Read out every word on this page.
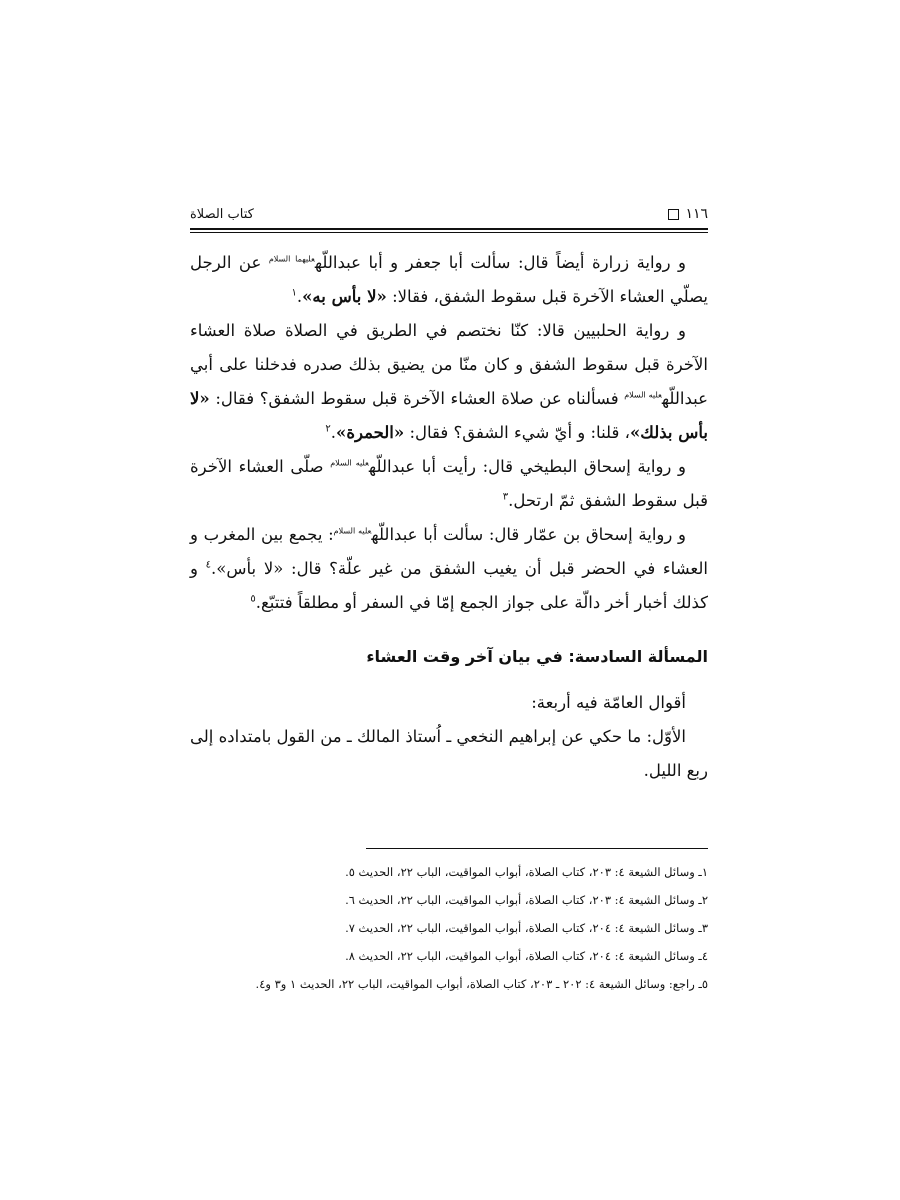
كتاب الصلاة	١١٦

و رواية زرارة أيضاً قال: سألت أبا جعفر و أبا عبداللّه$^{عليهما السلام}$ عن الرجل يصلّي العشاء الآخرة قبل سقوط الشفق، فقالا: «لا بأس به».$^١$

و رواية الحلبيين قالا: كنّا نختصم في الطريق في الصلاة صلاة العشاء الآخرة قبل سقوط الشفق و كان منّا من يضيق بذلك صدره فدخلنا على أبي عبداللّه$^{عليه السلام}$ فسألناه عن صلاة العشاء الآخرة قبل سقوط الشفق؟ فقال: «لا بأس بذلك»، قلنا: و أيّ شيء الشفق؟ فقال: «الحمرة».$^٢$

و رواية إسحاق البطيخي قال: رأيت أبا عبداللّه$^{عليه السلام}$ صلّى العشاء الآخرة قبل سقوط الشفق ثمّ ارتحل.$^٣$

و رواية إسحاق بن عمّار قال: سألت أبا عبداللّه$^{عليه السلام}$: يجمع بين المغرب و العشاء في الحضر قبل أن يغيب الشفق من غير علّة؟ قال: «لا بأس».$^٤$ و كذلك أخبار أخر دالّة على جواز الجمع إمّا في السفر أو مطلقاً فتتبّع.$^٥$

المسألة السادسة: في بيان آخر وقت العشاء

أقوال العامّة فيه أربعة:

الأوّل: ما حكي عن إبراهيم النخعي ـ اُستاذ المالك ـ من القول بامتداده إلى ربع الليل.

١ـ وسائل الشيعة ٤: ٢٠٣، كتاب الصلاة، أبواب المواقيت، الباب ٢٢، الحديث ٥.
٢ـ وسائل الشيعة ٤: ٢٠٣، كتاب الصلاة، أبواب المواقيت، الباب ٢٢، الحديث ٦.
٣ـ وسائل الشيعة ٤: ٢٠٤، كتاب الصلاة، أبواب المواقيت، الباب ٢٢، الحديث ٧.
٤ـ وسائل الشيعة ٤: ٢٠٤، كتاب الصلاة، أبواب المواقيت، الباب ٢٢، الحديث ٨.
٥ـ راجع: وسائل الشيعة ٤: ٢٠٢ ـ ٢٠٣، كتاب الصلاة، أبواب المواقيت، الباب ٢٢، الحديث ١ و٣ و٤.
